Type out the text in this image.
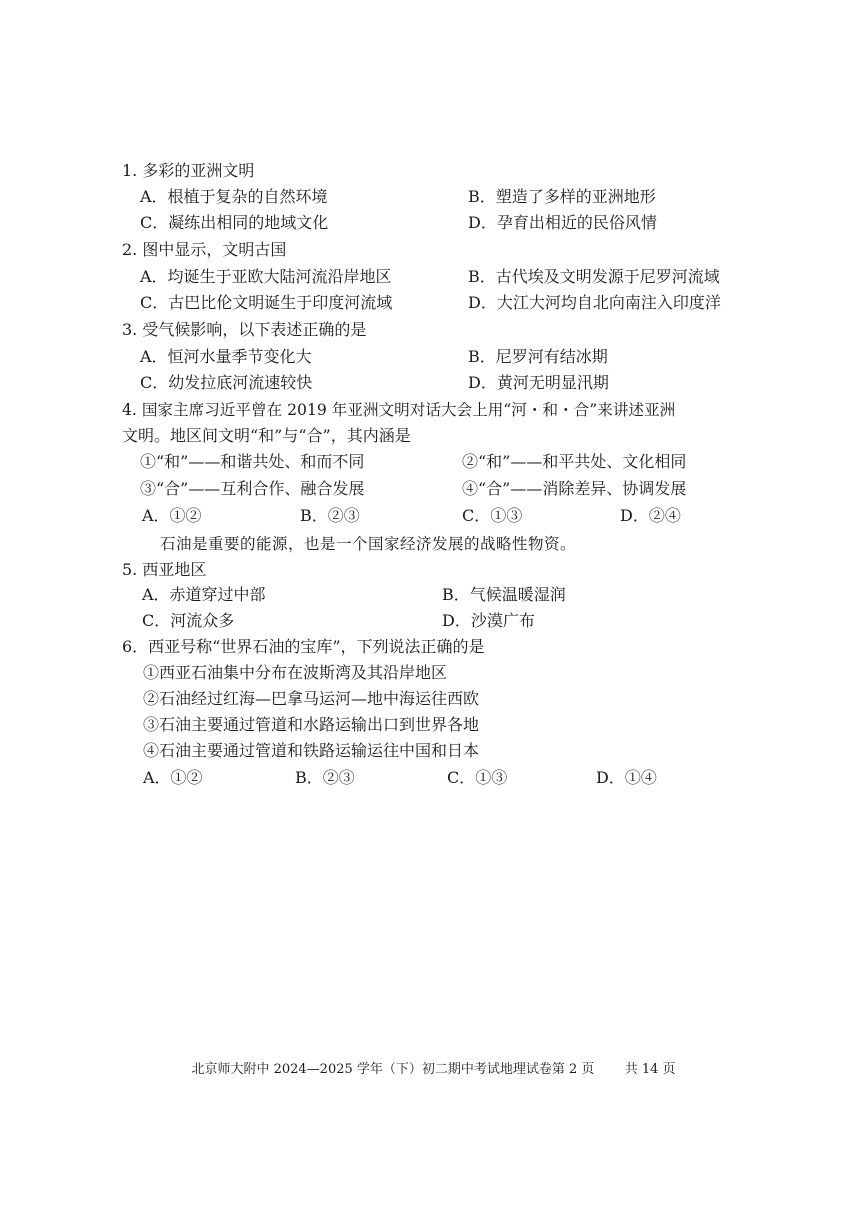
1. 多彩的亚洲文明
A．根植于复杂的自然环境	B．塑造了多样的亚洲地形
C．凝练出相同的地域文化	D．孕育出相近的民俗风情
2. 图中显示，文明古国
A．均诞生于亚欧大陆河流沿岸地区	B．古代埃及文明发源于尼罗河流域
C．古巴比伦文明诞生于印度河流域	D．大江大河均自北向南注入印度洋
3. 受气候影响，以下表述正确的是
A．恒河水量季节变化大	B．尼罗河有结冰期
C．幼发拉底河流速较快	D．黄河无明显汛期
4. 国家主席习近平曾在 2019 年亚洲文明对话大会上用“河・和・合”来讲述亚洲
文明。地区间文明“和”与“合”，其内涵是
①“和”——和谐共处、和而不同	②“和”——和平共处、文化相同
③“合”——互利合作、融合发展	④“合”——消除差异、协调发展
A．①②	B．②③	C．①③	D．②④
石油是重要的能源，也是一个国家经济发展的战略性物资。
5. 西亚地区
A．赤道穿过中部	B．气候温暖湿润
C．河流众多	D．沙漠广布
6．西亚号称“世界石油的宝库”，下列说法正确的是
①西亚石油集中分布在波斯湾及其沿岸地区
②石油经过红海—巴拿马运河—地中海运往西欧
③石油主要通过管道和水路运输出口到世界各地
④石油主要通过管道和铁路运输运往中国和日本
A．①②	B．②③	C．①③	D．①④
北京师大附中 2024—2025 学年（下）初二期中考试地理试卷第 2 页 共 14 页
